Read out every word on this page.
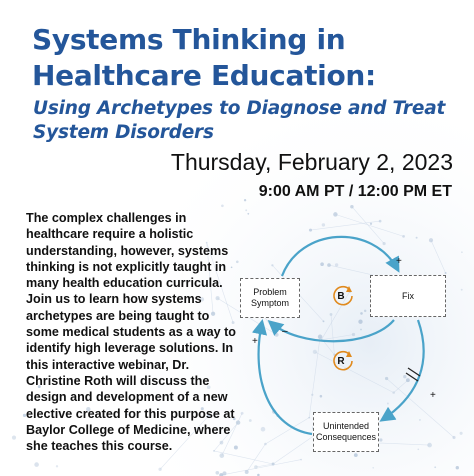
Systems Thinking in Healthcare Education:
Using Archetypes to Diagnose and Treat System Disorders
Thursday, February 2, 2023
9:00 AM PT / 12:00 PM ET
The complex challenges in
healthcare require a holistic
understanding, however, systems
thinking is not explicitly taught in
many health education curricula.
Join us to learn how systems
archetypes are being taught to
some medical students as a way to
identify high leverage solutions. In
this interactive webinar, Dr.
Christine Roth will discuss the
design and development of a new
elective created for this purpose at
Baylor College of Medicine, where
she teaches this course.
Problem
Symptom
Fix
Unintended
Consequences
B
R
+
–
+
+
